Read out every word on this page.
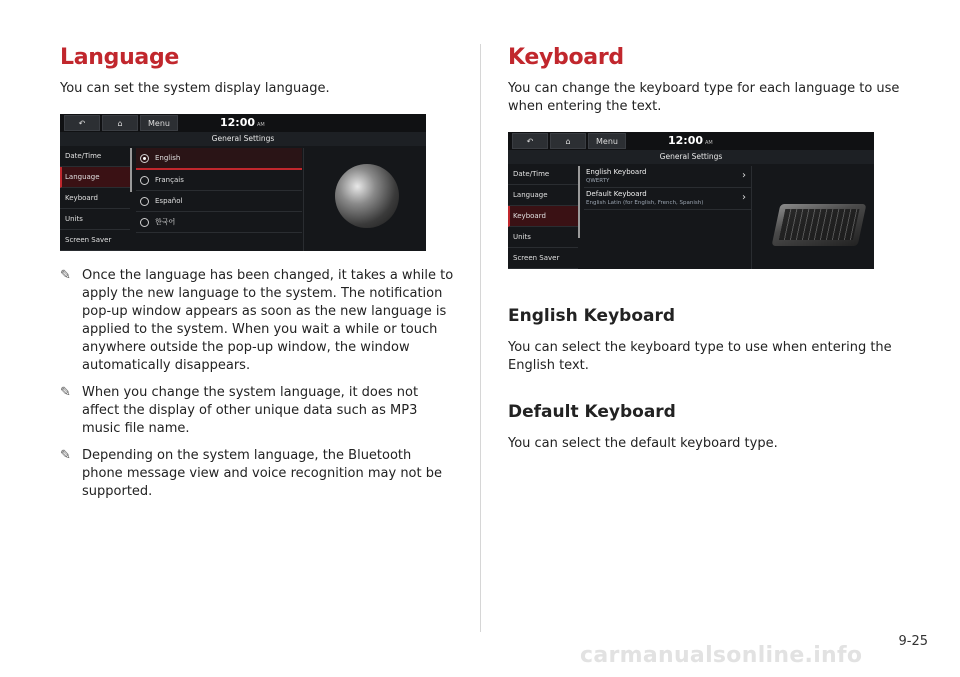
Language

You can set the system display language.

↶	⌂	Menu	12:00 AM
General Settings
Date/Time
Language
Keyboard
Units
Screen Saver
English
Français
Español
한국어
✎ Once the language has been changed, it takes a while to apply the new language to the system. The notification pop-up window appears as soon as the new language is applied to the system. When you wait a while or touch anywhere outside the pop-up window, the window automatically disappears.
✎ When you change the system language, it does not affect the display of other unique data such as MP3 music file name.
✎ Depending on the system language, the Bluetooth phone message view and voice recognition may not be supported.
Keyboard

You can change the keyboard type for each language to use when entering the text.

↶	⌂	Menu	12:00 AM
General Settings
Date/Time
Language
Keyboard
Units
Screen Saver
English Keyboard
QWERTY	›
Default Keyboard
English Latin (for English, French, Spanish)	›
English Keyboard

You can select the keyboard type to use when entering the English text.

Default Keyboard

You can select the default keyboard type.

9-25
carmanualsonline.info
